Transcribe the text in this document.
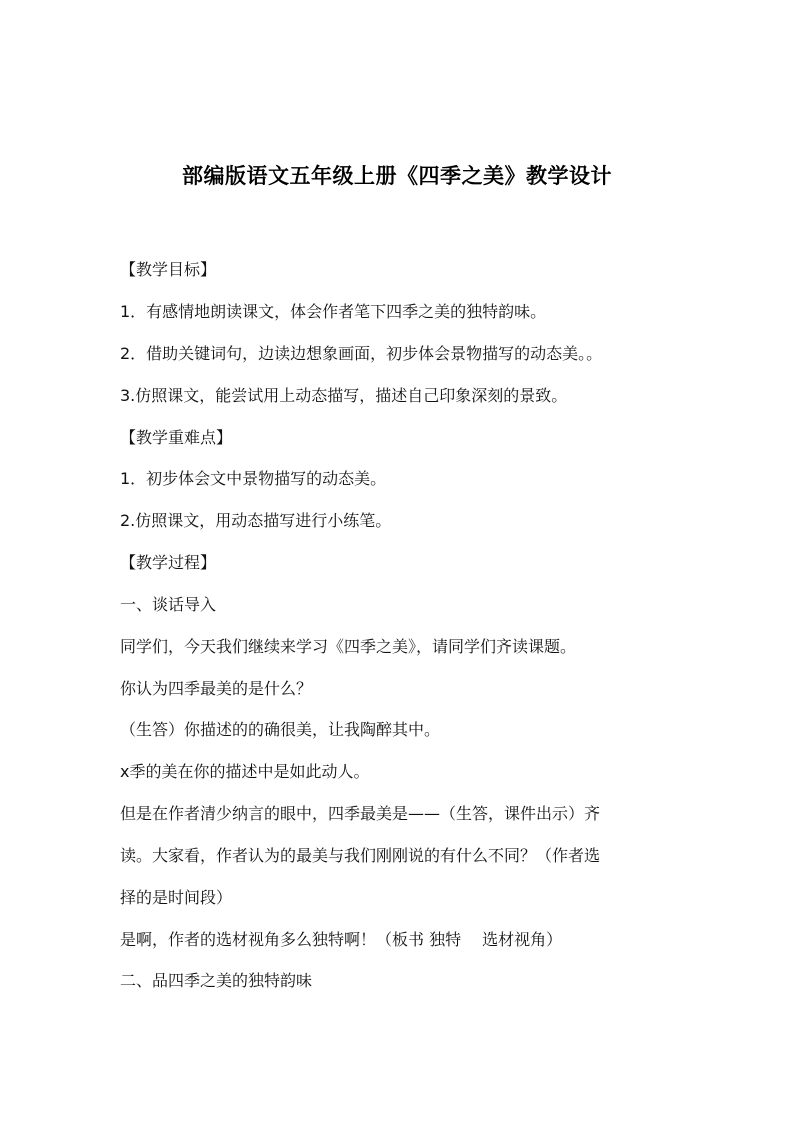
部编版语文五年级上册《四季之美》教学设计
【教学目标】
1．有感情地朗读课文，体会作者笔下四季之美的独特韵味。
2．借助关键词句，边读边想象画面，初步体会景物描写的动态美。。
3.仿照课文，能尝试用上动态描写，描述自己印象深刻的景致。
【教学重难点】
1．初步体会文中景物描写的动态美。
2.仿照课文，用动态描写进行小练笔。
【教学过程】
一、谈话导入
同学们，今天我们继续来学习《四季之美》，请同学们齐读课题。
你认为四季最美的是什么？
（生答）你描述的的确很美，让我陶醉其中。
x季的美在你的描述中是如此动人。
但是在作者清少纳言的眼中，四季最美是——（生答，课件出示）齐
读。大家看，作者认为的最美与我们刚刚说的有什么不同？（作者选
择的是时间段）
是啊，作者的选材视角多么独特啊！（板书 独特　 选材视角）
二、品四季之美的独特韵味
